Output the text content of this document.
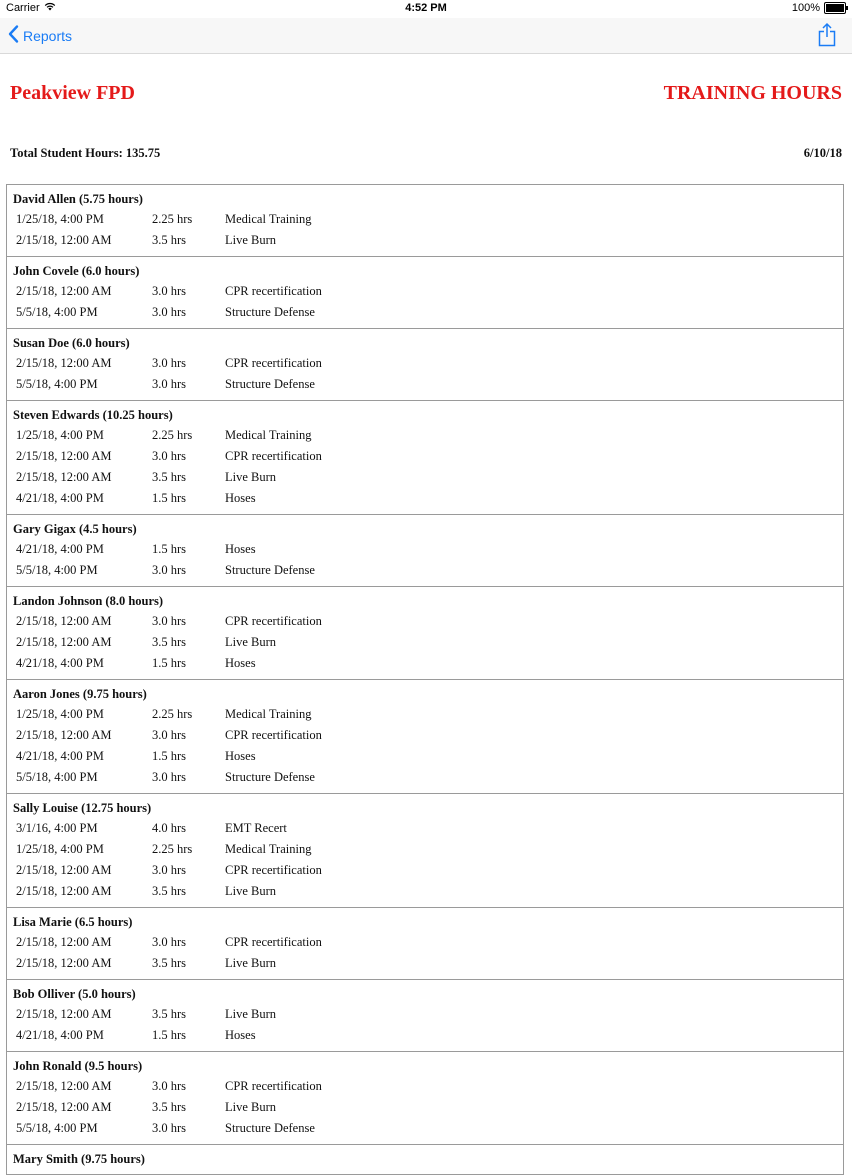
Carrier	4:52 PM	100%
Reports
Peakview FPD	TRAINING HOURS
Total Student Hours: 135.75	6/10/18
David Allen (5.75 hours)
1/25/18, 4:00 PM	2.25 hrs	Medical Training
2/15/18, 12:00 AM	3.5 hrs	Live Burn
John Covele (6.0 hours)
2/15/18, 12:00 AM	3.0 hrs	CPR recertification
5/5/18, 4:00 PM	3.0 hrs	Structure Defense
Susan Doe (6.0 hours)
2/15/18, 12:00 AM	3.0 hrs	CPR recertification
5/5/18, 4:00 PM	3.0 hrs	Structure Defense
Steven Edwards (10.25 hours)
1/25/18, 4:00 PM	2.25 hrs	Medical Training
2/15/18, 12:00 AM	3.0 hrs	CPR recertification
2/15/18, 12:00 AM	3.5 hrs	Live Burn
4/21/18, 4:00 PM	1.5 hrs	Hoses
Gary Gigax (4.5 hours)
4/21/18, 4:00 PM	1.5 hrs	Hoses
5/5/18, 4:00 PM	3.0 hrs	Structure Defense
Landon Johnson (8.0 hours)
2/15/18, 12:00 AM	3.0 hrs	CPR recertification
2/15/18, 12:00 AM	3.5 hrs	Live Burn
4/21/18, 4:00 PM	1.5 hrs	Hoses
Aaron Jones (9.75 hours)
1/25/18, 4:00 PM	2.25 hrs	Medical Training
2/15/18, 12:00 AM	3.0 hrs	CPR recertification
4/21/18, 4:00 PM	1.5 hrs	Hoses
5/5/18, 4:00 PM	3.0 hrs	Structure Defense
Sally Louise (12.75 hours)
3/1/16, 4:00 PM	4.0 hrs	EMT Recert
1/25/18, 4:00 PM	2.25 hrs	Medical Training
2/15/18, 12:00 AM	3.0 hrs	CPR recertification
2/15/18, 12:00 AM	3.5 hrs	Live Burn
Lisa Marie (6.5 hours)
2/15/18, 12:00 AM	3.0 hrs	CPR recertification
2/15/18, 12:00 AM	3.5 hrs	Live Burn
Bob Olliver (5.0 hours)
2/15/18, 12:00 AM	3.5 hrs	Live Burn
4/21/18, 4:00 PM	1.5 hrs	Hoses
John Ronald (9.5 hours)
2/15/18, 12:00 AM	3.0 hrs	CPR recertification
2/15/18, 12:00 AM	3.5 hrs	Live Burn
5/5/18, 4:00 PM	3.0 hrs	Structure Defense
Mary Smith (9.75 hours)
